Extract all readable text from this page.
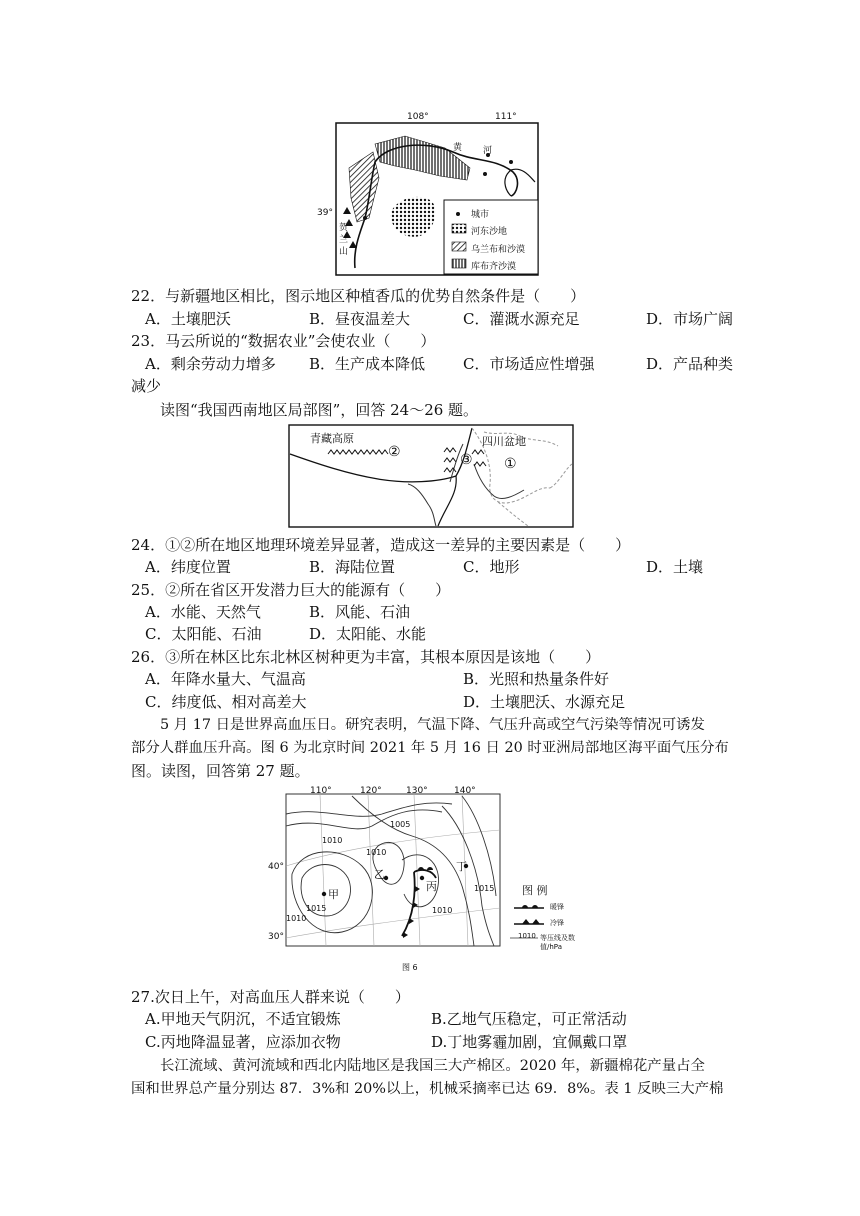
108°	111°
39°
黄 河
贺
兰
山
城市
河东沙地
乌兰布和沙漠
库布齐沙漠
22．与新疆地区相比，图示地区种植香瓜的优势自然条件是（　　）
A．土壤肥沃	B．昼夜温差大	C．灌溉水源充足	D．市场广阔
23．马云所说的“数据农业”会使农业（　　）
A．剩余劳动力增多 B．生产成本降低	C．市场适应性增强	D．产品种类
减少
读图“我国西南地区局部图”，回答 24～26 题。
青藏高原	四川盆地
②	③ ①
24．①②所在地区地理环境差异显著，造成这一差异的主要因素是（　　）
A．纬度位置	B．海陆位置	C．地形	D．土壤
25．②所在省区开发潜力巨大的能源有（　　）
A．水能、天然气	B．风能、石油
C．太阳能、石油	D．太阳能、水能
26．③所在林区比东北林区树种更为丰富，其根本原因是该地（　　）
A．年降水量大、气温高	B．光照和热量条件好
C．纬度低、相对高差大	D．土壤肥沃、水源充足
5 月 17 日是世界高血压日。研究表明，气温下降、气压升高或空气污染等情况可诱发
部分人群血压升高。图 6 为北京时间 2021 年 5 月 16 日 20 时亚洲局部地区海平面气压分布
图。读图，回答第 27 题。
110°	120°	130°	140°
40°
30°
1005
1010
1010
1015
1010
1010
1015
甲
乙
丙
丁
图 例
暖锋
冷锋
1010 等压线及数值/hPa
图 6
27.次日上午，对高血压人群来说（　　）
A.甲地天气阴沉，不适宜锻炼	B.乙地气压稳定，可正常活动
C.丙地降温显著，应添加衣物	D.丁地雾霾加剧，宜佩戴口罩
长江流域、黄河流域和西北内陆地区是我国三大产棉区。2020 年，新疆棉花产量占全
国和世界总产量分别达 87．3%和 20%以上，机械采摘率已达 69．8%。表 1 反映三大产棉
